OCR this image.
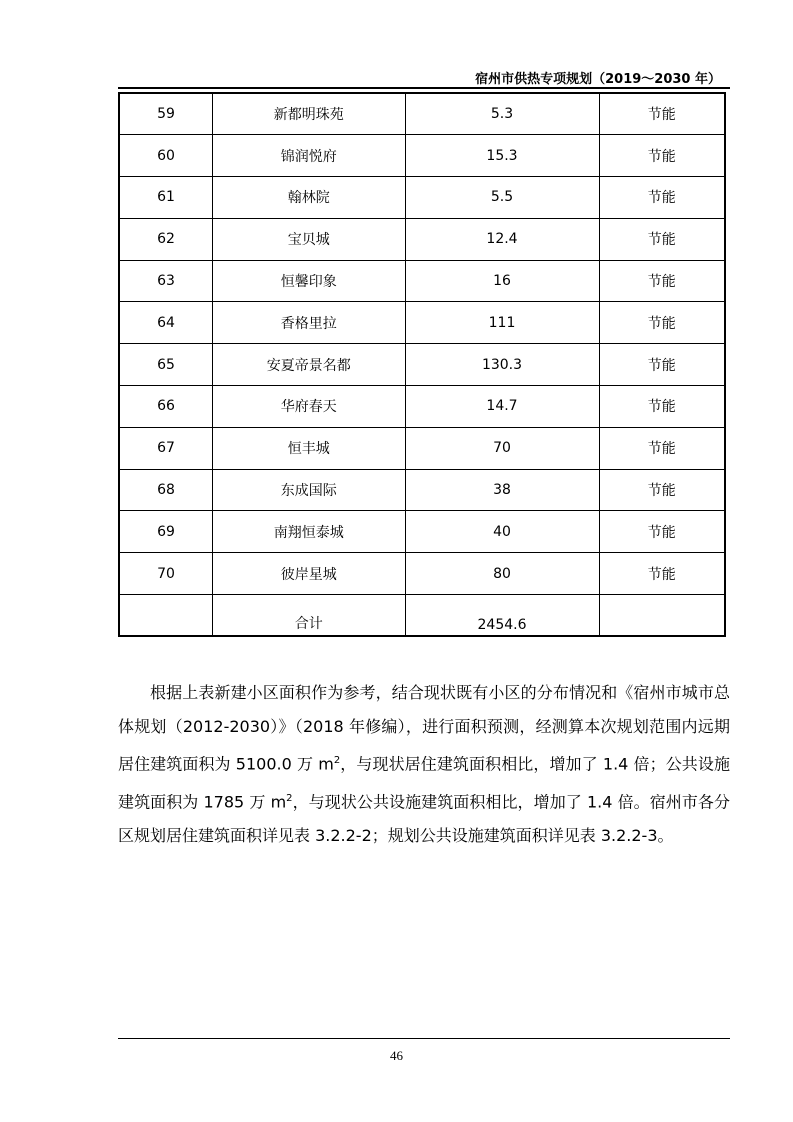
宿州市供热专项规划（2019～2030 年）
59	新都明珠苑	5.3	节能
60	锦润悦府	15.3	节能
61	翰林院	5.5	节能
62	宝贝城	12.4	节能
63	恒馨印象	16	节能
64	香格里拉	111	节能
65	安夏帝景名都	130.3	节能
66	华府春天	14.7	节能
67	恒丰城	70	节能
68	东成国际	38	节能
69	南翔恒泰城	40	节能
70	彼岸星城	80	节能
	合计	2454.6	

根据上表新建小区面积作为参考，结合现状既有小区的分布情况和《宿州市城市总体规划（2012-2030）》（2018 年修编），进行面积预测，经测算本次规划范围内远期居住建筑面积为 5100.0 万 $m^2$，与现状居住建筑面积相比，增加了 1.4 倍；公共设施建筑面积为 1785 万 $m^2$，与现状公共设施建筑面积相比，增加了 1.4 倍。宿州市各分区规划居住建筑面积详见表 3.2.2-2；规划公共设施建筑面积详见表 3.2.2-3。

46
